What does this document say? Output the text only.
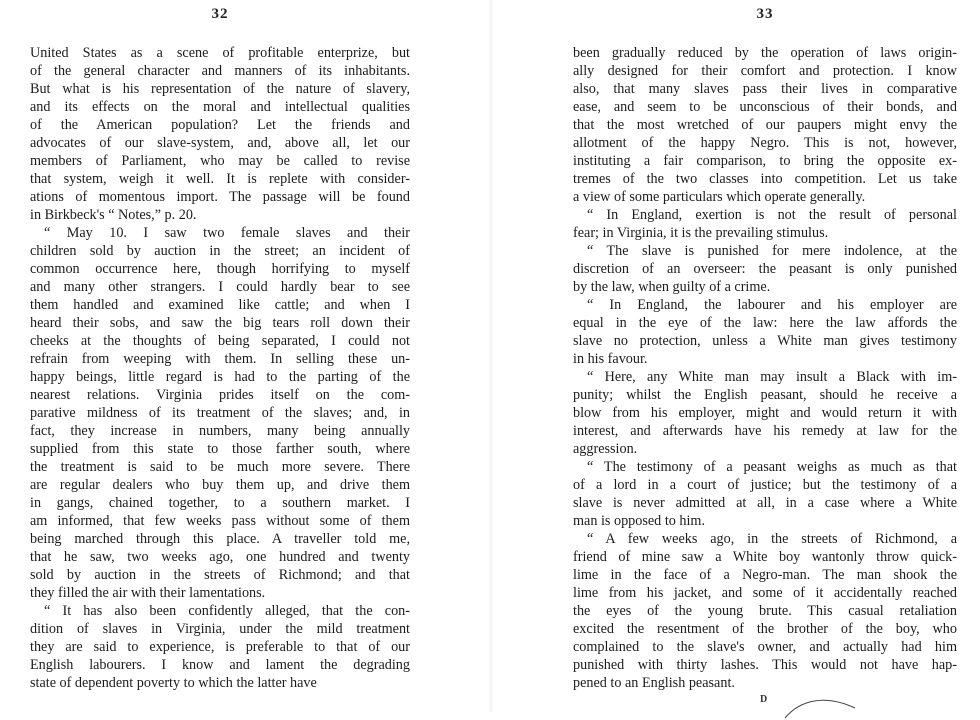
32
United States as a scene of profitable enterprize, but
of the general character and manners of its inhabitants.
But what is his representation of the nature of slavery,
and its effects on the moral and intellectual qualities
of the American population? Let the friends and
advocates of our slave-system, and, above all, let our
members of Parliament, who may be called to revise
that system, weigh it well. It is replete with consider-
ations of momentous import. The passage will be found
in Birkbeck's “ Notes,” p. 20.
“ May 10. I saw two female slaves and their
children sold by auction in the street; an incident of
common occurrence here, though horrifying to myself
and many other strangers. I could hardly bear to see
them handled and examined like cattle; and when I
heard their sobs, and saw the big tears roll down their
cheeks at the thoughts of being separated, I could not
refrain from weeping with them. In selling these un-
happy beings, little regard is had to the parting of the
nearest relations. Virginia prides itself on the com-
parative mildness of its treatment of the slaves; and, in
fact, they increase in numbers, many being annually
supplied from this state to those farther south, where
the treatment is said to be much more severe. There
are regular dealers who buy them up, and drive them
in gangs, chained together, to a southern market. I
am informed, that few weeks pass without some of them
being marched through this place. A traveller told me,
that he saw, two weeks ago, one hundred and twenty
sold by auction in the streets of Richmond; and that
they filled the air with their lamentations.
“ It has also been confidently alleged, that the con-
dition of slaves in Virginia, under the mild treatment
they are said to experience, is preferable to that of our
English labourers. I know and lament the degrading
state of dependent poverty to which the latter have
33
been gradually reduced by the operation of laws origin-
ally designed for their comfort and protection. I know
also, that many slaves pass their lives in comparative
ease, and seem to be unconscious of their bonds, and
that the most wretched of our paupers might envy the
allotment of the happy Negro. This is not, however,
instituting a fair comparison, to bring the opposite ex-
tremes of the two classes into competition. Let us take
a view of some particulars which operate generally.
“ In England, exertion is not the result of personal
fear; in Virginia, it is the prevailing stimulus.
“ The slave is punished for mere indolence, at the
discretion of an overseer: the peasant is only punished
by the law, when guilty of a crime.
“ In England, the labourer and his employer are
equal in the eye of the law: here the law affords the
slave no protection, unless a White man gives testimony
in his favour.
“ Here, any White man may insult a Black with im-
punity; whilst the English peasant, should he receive a
blow from his employer, might and would return it with
interest, and afterwards have his remedy at law for the
aggression.
“ The testimony of a peasant weighs as much as that
of a lord in a court of justice; but the testimony of a
slave is never admitted at all, in a case where a White
man is opposed to him.
“ A few weeks ago, in the streets of Richmond, a
friend of mine saw a White boy wantonly throw quick-
lime in the face of a Negro-man. The man shook the
lime from his jacket, and some of it accidentally reached
the eyes of the young brute. This casual retaliation
excited the resentment of the brother of the boy, who
complained to the slave's owner, and actually had him
punished with thirty lashes. This would not have hap-
pened to an English peasant.
D
